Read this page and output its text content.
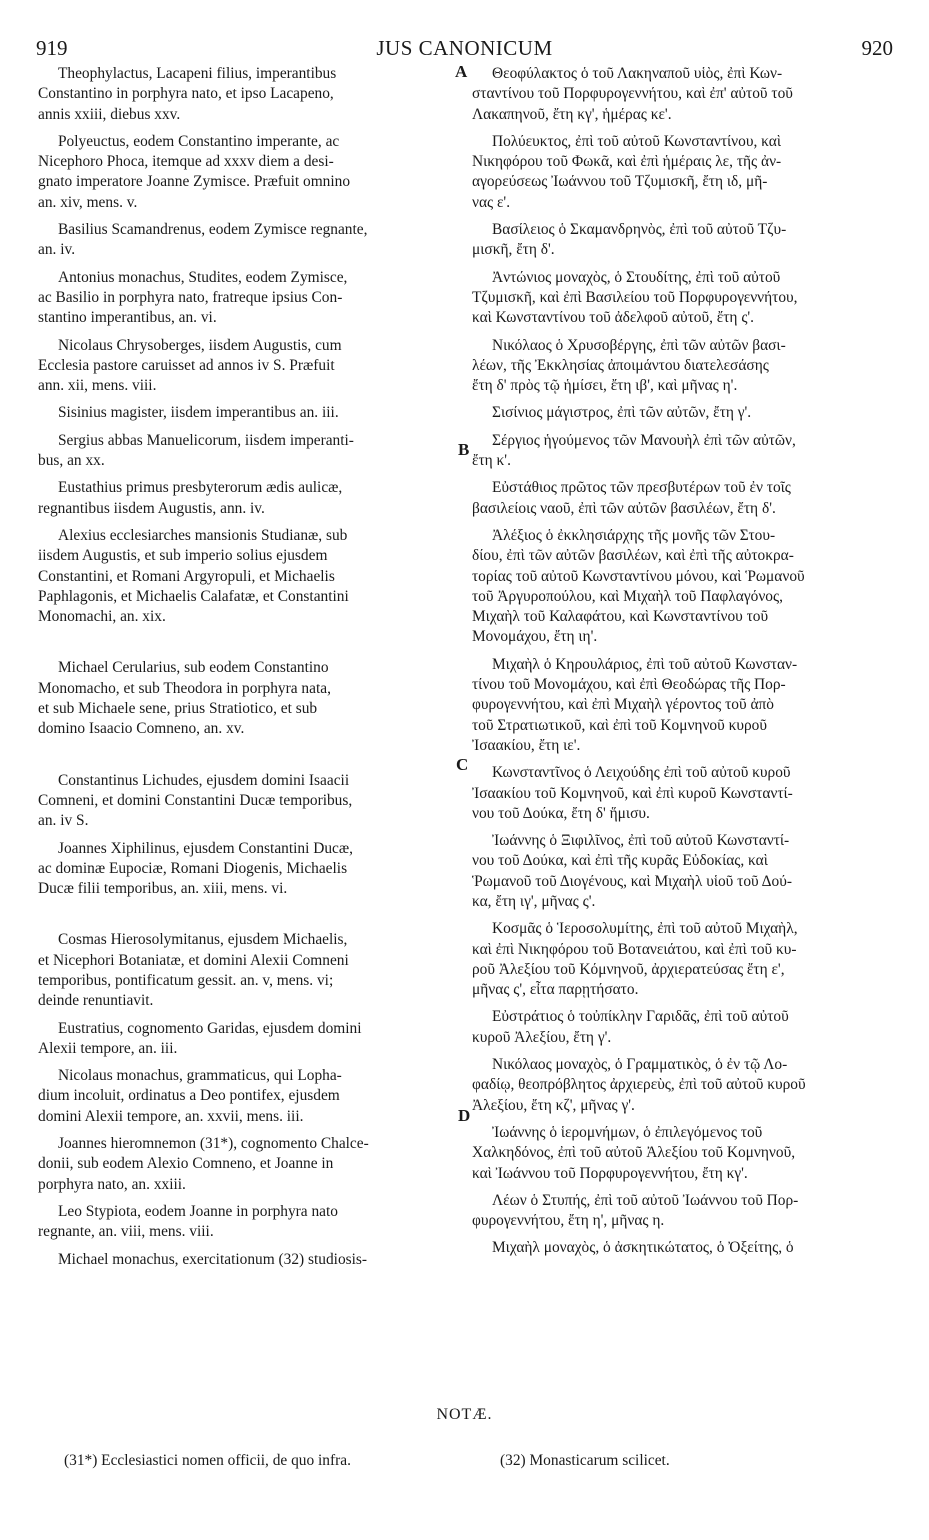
919	JUS CANONICUM	920
Theophylactus, Lacapeni filius, imperantibus
Constantino in porphyra nato, et ipso Lacapeno,
annis xxiii, diebus xxv.
Polyeuctus, eodem Constantino imperante, ac
Nicephoro Phoca, itemque ad xxxv diem a desi-
gnato imperatore Joanne Zymisce. Præfuit omnino
an. xiv, mens. v.
Basilius Scamandrenus, eodem Zymisce regnante,
an. iv.
Antonius monachus, Studites, eodem Zymisce,
ac Basilio in porphyra nato, fratreque ipsius Con-
stantino imperantibus, an. vi.
Nicolaus Chrysoberges, iisdem Augustis, cum
Ecclesia pastore caruisset ad annos iv S. Præfuit
ann. xii, mens. viii.
Sisinius magister, iisdem imperantibus an. iii.
Sergius abbas Manuelicorum, iisdem imperanti-
bus, an xx.
Eustathius primus presbyterorum ædis aulicæ,
regnantibus iisdem Augustis, ann. iv.
Alexius ecclesiarches mansionis Studianæ, sub
iisdem Augustis, et sub imperio solius ejusdem
Constantini, et Romani Argyropuli, et Michaelis
Paphlagonis, et Michaelis Calafatæ, et Constantini
Monomachi, an. xix.
Michael Cerularius, sub eodem Constantino
Monomacho, et sub Theodora in porphyra nata,
et sub Michaele sene, prius Stratiotico, et sub
domino Isaacio Comneno, an. xv.
Constantinus Lichudes, ejusdem domini Isaacii
Comneni, et domini Constantini Ducæ temporibus,
an. iv S.
Joannes Xiphilinus, ejusdem Constantini Ducæ,
ac dominæ Eupociæ, Romani Diogenis, Michaelis
Ducæ filii temporibus, an. xiii, mens. vi.
Cosmas Hierosolymitanus, ejusdem Michaelis,
et Nicephori Botaniatæ, et domini Alexii Comneni
temporibus, pontificatum gessit. an. v, mens. vi;
deinde renuntiavit.
Eustratius, cognomento Garidas, ejusdem domini
Alexii tempore, an. iii.
Nicolaus monachus, grammaticus, qui Lopha-
dium incoluit, ordinatus a Deo pontifex, ejusdem
domini Alexii tempore, an. xxvii, mens. iii.
Joannes hieromnemon (31*), cognomento Chalce-
donii, sub eodem Alexio Comneno, et Joanne in
porphyra nato, an. xxiii.
Leo Stypiota, eodem Joanne in porphyra nato
regnante, an. viii, mens. viii.
Michael monachus, exercitationum (32) studiosis-
Θεοφύλακτος ὁ τοῦ Λακηναποῦ υἱὸς, ἐπὶ Κων-
σταντίνου τοῦ Πορφυρογεννήτου, καὶ ἐπ' αὐτοῦ τοῦ
Λακαπηνοῦ, ἔτη κγ', ἡμέρας κε'.
Πολύευκτος, ἐπὶ τοῦ αὐτοῦ Κωνσταντίνου, καὶ
Νικηφόρου τοῦ Φωκᾶ, καὶ ἐπὶ ἡμέραις λε, τῆς ἀν-
αγορεύσεως Ἰωάννου τοῦ Τζυμισκῆ, ἔτη ιδ, μῆ-
νας ε'.
Βασίλειος ὁ Σκαμανδρηνὸς, ἐπὶ τοῦ αὐτοῦ Τζυ-
μισκῆ, ἔτη δ'.
Ἀντώνιος μοναχὸς, ὁ Στουδίτης, ἐπὶ τοῦ αὐτοῦ
Τζυμισκῆ, καὶ ἐπὶ Βασιλείου τοῦ Πορφυρογεννήτου,
καὶ Κωνσταντίνου τοῦ ἀδελφοῦ αὐτοῦ, ἔτη ς'.
Νικόλαος ὁ Χρυσοβέργης, ἐπὶ τῶν αὐτῶν βασι-
λέων, τῆς Ἐκκλησίας ἀποιμάντου διατελεσάσης
ἔτη δ' πρὸς τῷ ἡμίσει, ἔτη ιβ', καὶ μῆνας η'.
Σισίνιος μάγιστρος, ἐπὶ τῶν αὐτῶν, ἔτη γ'.
Σέργιος ἡγούμενος τῶν Μανουὴλ ἐπὶ τῶν αὐτῶν,
ἔτη κ'.
Εὐστάθιος πρῶτος τῶν πρεσβυτέρων τοῦ ἐν τοῖς
βασιλείοις ναοῦ, ἐπὶ τῶν αὐτῶν βασιλέων, ἔτη δ'.
Ἀλέξιος ὁ ἐκκλησιάρχης τῆς μονῆς τῶν Στου-
δίου, ἐπὶ τῶν αὐτῶν βασιλέων, καὶ ἐπὶ τῆς αὐτοκρα-
τορίας τοῦ αὐτοῦ Κωνσταντίνου μόνου, καὶ Ῥωμανοῦ
τοῦ Ἀργυροπούλου, καὶ Μιχαὴλ τοῦ Παφλαγόνος,
Μιχαὴλ τοῦ Καλαφάτου, καὶ Κωνσταντίνου τοῦ
Μονομάχου, ἔτη ιη'.
Μιχαὴλ ὁ Κηρουλάριος, ἐπὶ τοῦ αὐτοῦ Κωνσταν-
τίνου τοῦ Μονομάχου, καὶ ἐπὶ Θεοδώρας τῆς Πορ-
φυρογεννήτου, καὶ ἐπὶ Μιχαὴλ γέροντος τοῦ ἀπὸ
τοῦ Στρατιωτικοῦ, καὶ ἐπὶ τοῦ Κομνηνοῦ κυροῦ
Ἰσαακίου, ἔτη ιε'.
Κωνσταντῖνος ὁ Λειχούδης ἐπὶ τοῦ αὐτοῦ κυροῦ
Ἰσαακίου τοῦ Κομνηνοῦ, καὶ ἐπὶ κυροῦ Κωνσταντί-
νου τοῦ Δούκα, ἔτη δ' ἥμισυ.
Ἰωάννης ὁ Ξιφιλῖνος, ἐπὶ τοῦ αὐτοῦ Κωνσταντί-
νου τοῦ Δούκα, καὶ ἐπὶ τῆς κυρᾶς Εὐδοκίας, καὶ
Ῥωμανοῦ τοῦ Διογένους, καὶ Μιχαὴλ υἱοῦ τοῦ Δού-
κα, ἔτη ιγ', μῆνας ς'.
Κοσμᾶς ὁ Ἱεροσολυμίτης, ἐπὶ τοῦ αὐτοῦ Μιχαὴλ,
καὶ ἐπὶ Νικηφόρου τοῦ Βοτανειάτου, καὶ ἐπὶ τοῦ κυ-
ροῦ Ἀλεξίου τοῦ Κόμνηνοῦ, ἀρχιερατεύσας ἔτη ε',
μῆνας ς', εἶτα παρῃτήσατο.
Εὐστράτιος ὁ τοὐπίκλην Γαριδᾶς, ἐπὶ τοῦ αὐτοῦ
κυροῦ Ἀλεξίου, ἔτη γ'.
Νικόλαος μοναχὸς, ὁ Γραμματικὸς, ὁ ἐν τῷ Λο-
φαδίῳ, θεοπρόβλητος ἀρχιερεὺς, ἐπὶ τοῦ αὐτοῦ κυροῦ
Ἀλεξίου, ἔτη κζ', μῆνας γ'.
Ἰωάννης ὁ ἱερομνήμων, ὁ ἐπιλεγόμενος τοῦ
Χαλκηδόνος, ἐπὶ τοῦ αὐτοῦ Ἀλεξίου τοῦ Κομνηνοῦ,
καὶ Ἰωάννου τοῦ Πορφυρογεννήτου, ἔτη κγ'.
Λέων ὁ Στυπής, ἐπὶ τοῦ αὐτοῦ Ἰωάννου τοῦ Πορ-
φυρογεννήτου, ἔτη η', μῆνας η.
Μιχαὴλ μοναχὸς, ὁ ἀσκητικώτατος, ὁ Ὀξείτης, ὁ
A
B
C
D
NOTÆ.
(31*) Ecclesiastici nomen officii, de quo infra.	(32) Monasticarum scilicet.
